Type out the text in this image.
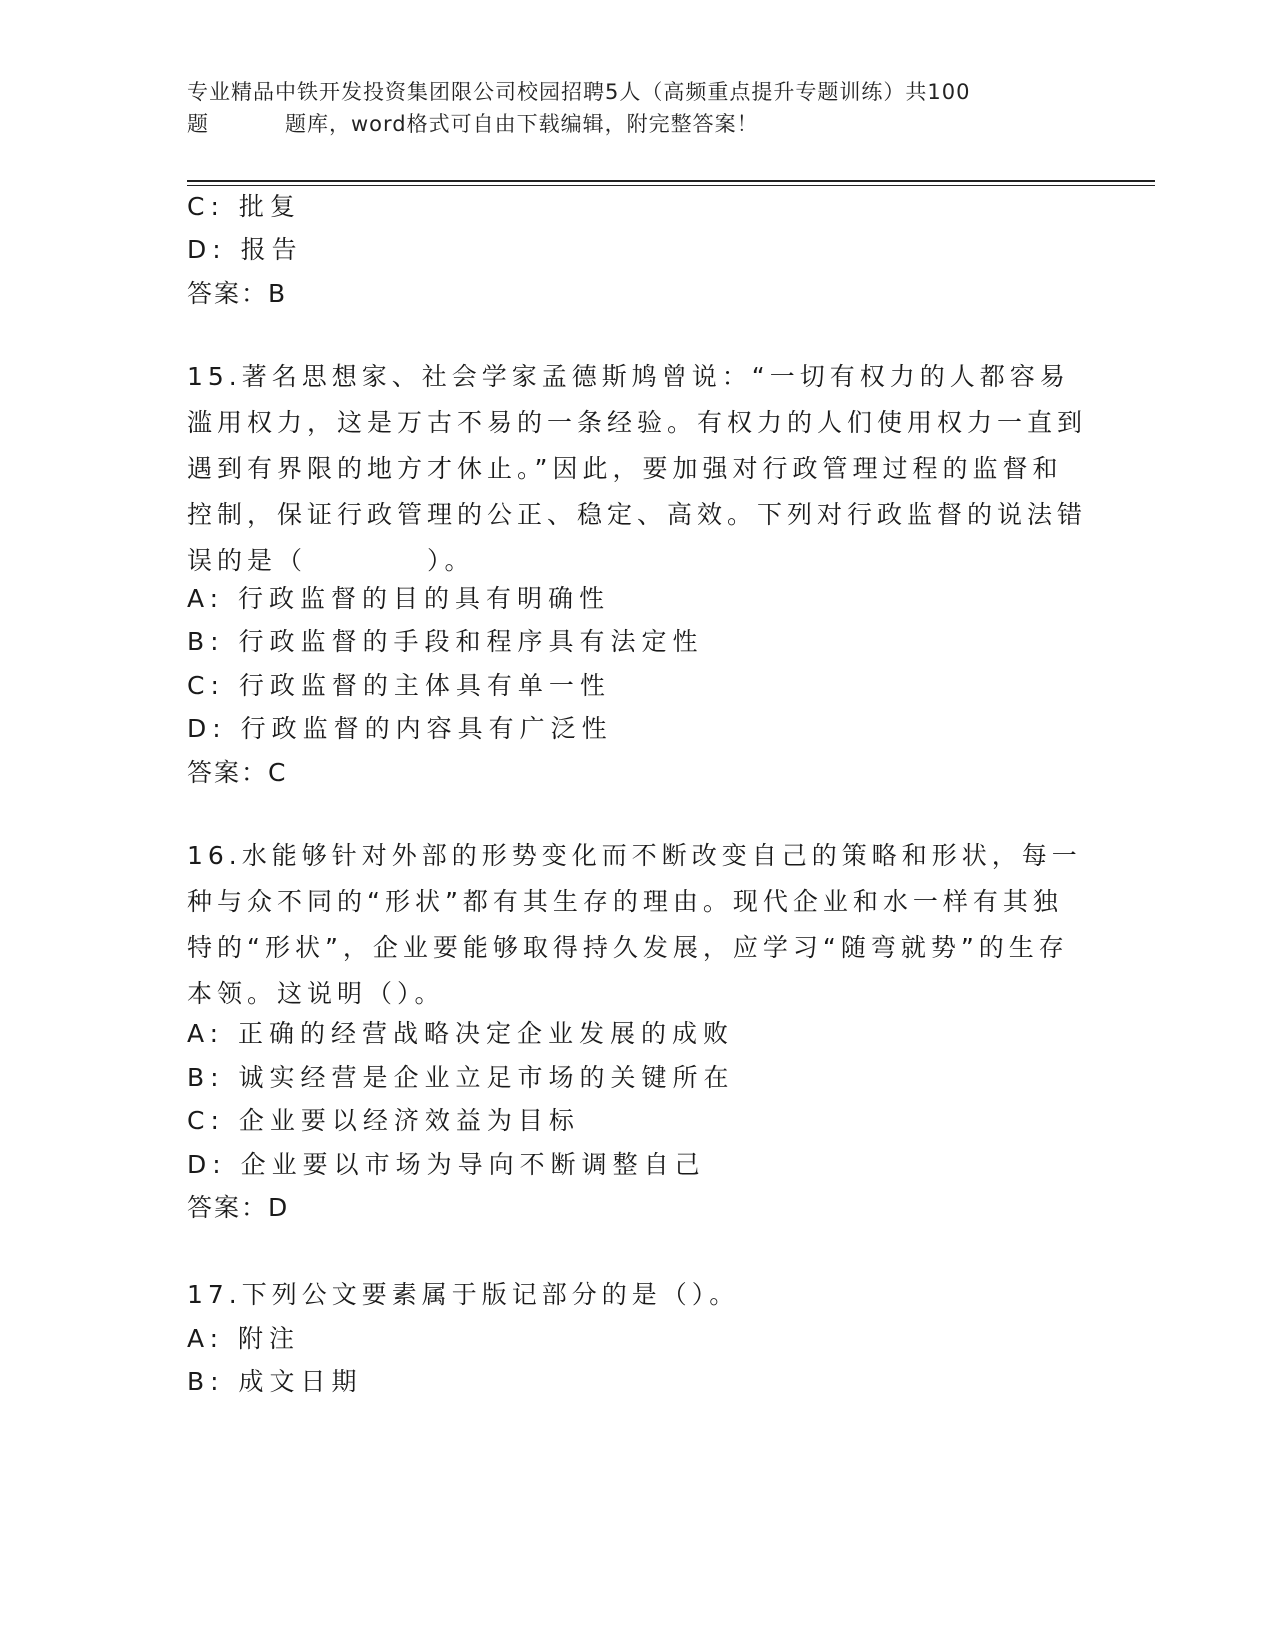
专业精品中铁开发投资集团限公司校园招聘5人（高频重点提升专题训练）共100
题	题库，word格式可自由下载编辑，附完整答案！
C: 批复
D: 报告
答案：B
15.著名思想家、社会学家孟德斯鸠曾说：“一切有权力的人都容易滥用权力，这是万古不易的一条经验。有权力的人们使用权力一直到遇到有界限的地方才休止。”因此，要加强对行政管理过程的监督和控制，保证行政管理的公正、稳定、高效。下列对行政监督的说法错误的是（　　　　）。
A: 行政监督的目的具有明确性
B: 行政监督的手段和程序具有法定性
C: 行政监督的主体具有单一性
D: 行政监督的内容具有广泛性
答案：C
16.水能够针对外部的形势变化而不断改变自己的策略和形状，每一种与众不同的“形状”都有其生存的理由。现代企业和水一样有其独特的“形状”，企业要能够取得持久发展，应学习“随弯就势”的生存本领。这说明（）。
A: 正确的经营战略决定企业发展的成败
B: 诚实经营是企业立足市场的关键所在
C: 企业要以经济效益为目标
D: 企业要以市场为导向不断调整自己
答案：D
17.下列公文要素属于版记部分的是（）。
A: 附注
B: 成文日期
